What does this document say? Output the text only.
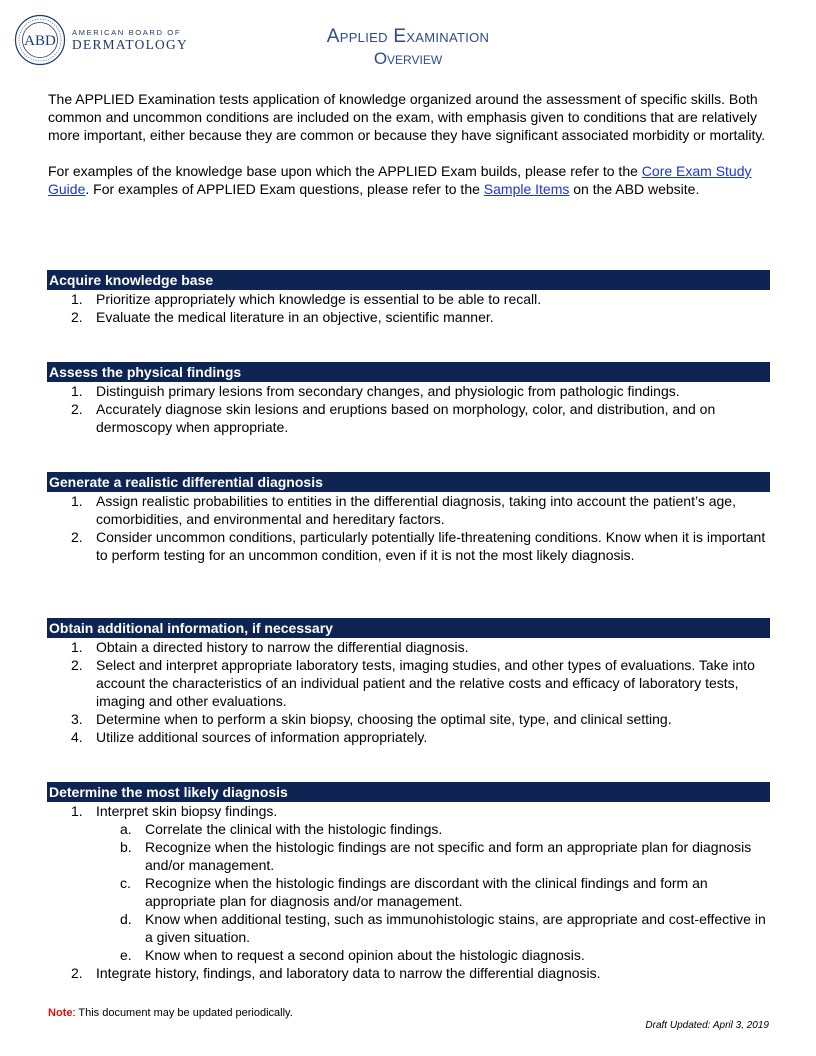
ABD
AMERICAN BOARD OF
DERMATOLOGY	Applied Examination
Overview

The APPLIED Examination tests application of knowledge organized around the assessment of specific skills. Both common and uncommon conditions are included on the exam, with emphasis given to conditions that are relatively more important, either because they are common or because they have significant associated morbidity or mortality.

For examples of the knowledge base upon which the APPLIED Exam builds, please refer to the Core Exam Study Guide. For examples of APPLIED Exam questions, please refer to the Sample Items on the ABD website.

Acquire knowledge base
1. Prioritize appropriately which knowledge is essential to be able to recall.
2. Evaluate the medical literature in an objective, scientific manner.
Assess the physical findings
1. Distinguish primary lesions from secondary changes, and physiologic from pathologic findings.
2. Accurately diagnose skin lesions and eruptions based on morphology, color, and distribution, and on dermoscopy when appropriate.
Generate a realistic differential diagnosis
1. Assign realistic probabilities to entities in the differential diagnosis, taking into account the patient’s age, comorbidities, and environmental and hereditary factors.
2. Consider uncommon conditions, particularly potentially life-threatening conditions. Know when it is important to perform testing for an uncommon condition, even if it is not the most likely diagnosis.
Obtain additional information, if necessary
1. Obtain a directed history to narrow the differential diagnosis.
2. Select and interpret appropriate laboratory tests, imaging studies, and other types of evaluations. Take into account the characteristics of an individual patient and the relative costs and efficacy of laboratory tests, imaging and other evaluations.
3. Determine when to perform a skin biopsy, choosing the optimal site, type, and clinical setting.
4. Utilize additional sources of information appropriately.
Determine the most likely diagnosis
1. Interpret skin biopsy findings.
a. Correlate the clinical with the histologic findings.
b. Recognize when the histologic findings are not specific and form an appropriate plan for diagnosis and/or management.
c. Recognize when the histologic findings are discordant with the clinical findings and form an appropriate plan for diagnosis and/or management.
d. Know when additional testing, such as immunohistologic stains, are appropriate and cost-effective in a given situation.
e. Know when to request a second opinion about the histologic diagnosis.
2. Integrate history, findings, and laboratory data to narrow the differential diagnosis.
Note: This document may be updated periodically.
Draft Updated: April 3, 2019
